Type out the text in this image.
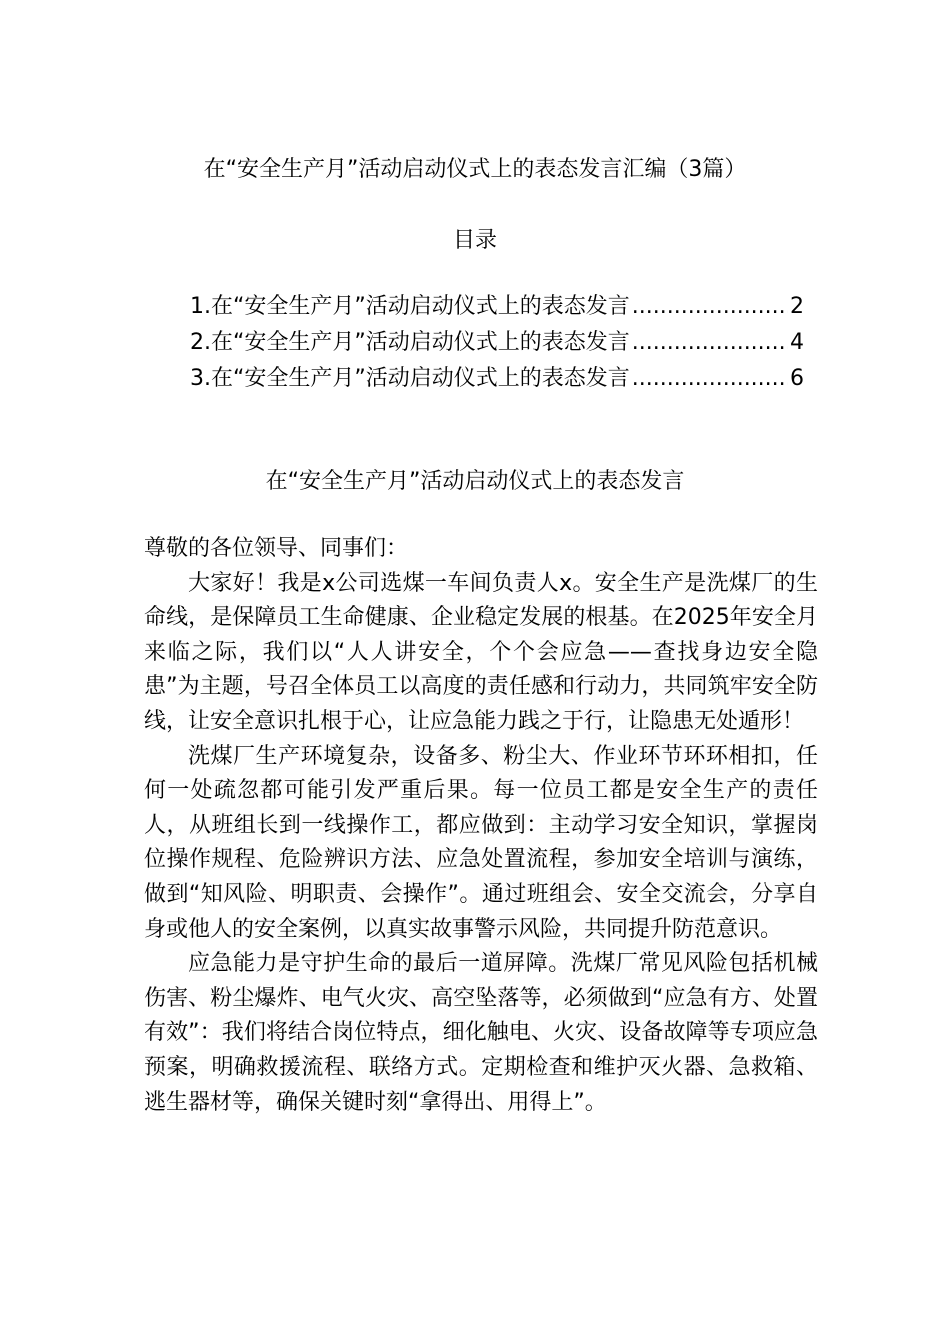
在“安全生产月”活动启动仪式上的表态发言汇编（3篇）
目录
1.在“安全生产月”活动启动仪式上的表态发言 .....	2
2.在“安全生产月”活动启动仪式上的表态发言 .....	4
3.在“安全生产月”活动启动仪式上的表态发言 .....	6
在“安全生产月”活动启动仪式上的表态发言

尊敬的各位领导、同事们：

大家好！我是x公司选煤一车间负责人x。安全生产是洗煤厂的生命线，是保障员工生命健康、企业稳定发展的根基。在2025年安全月来临之际，我们以“人人讲安全，个个会应急——查找身边安全隐患”为主题，号召全体员工以高度的责任感和行动力，共同筑牢安全防线，让安全意识扎根于心，让应急能力践之于行，让隐患无处遁形！

洗煤厂生产环境复杂，设备多、粉尘大、作业环节环环相扣，任何一处疏忽都可能引发严重后果。每一位员工都是安全生产的责任人，从班组长到一线操作工，都应做到：主动学习安全知识，掌握岗位操作规程、危险辨识方法、应急处置流程，参加安全培训与演练，做到“知风险、明职责、会操作”。通过班组会、安全交流会，分享自身或他人的安全案例，以真实故事警示风险，共同提升防范意识。

应急能力是守护生命的最后一道屏障。洗煤厂常见风险包括机械伤害、粉尘爆炸、电气火灾、高空坠落等，必须做到“应急有方、处置有效”：我们将结合岗位特点，细化触电、火灾、设备故障等专项应急预案，明确救援流程、联络方式。定期检查和维护灭火器、急救箱、逃生器材等，确保关键时刻“拿得出、用得上”。
